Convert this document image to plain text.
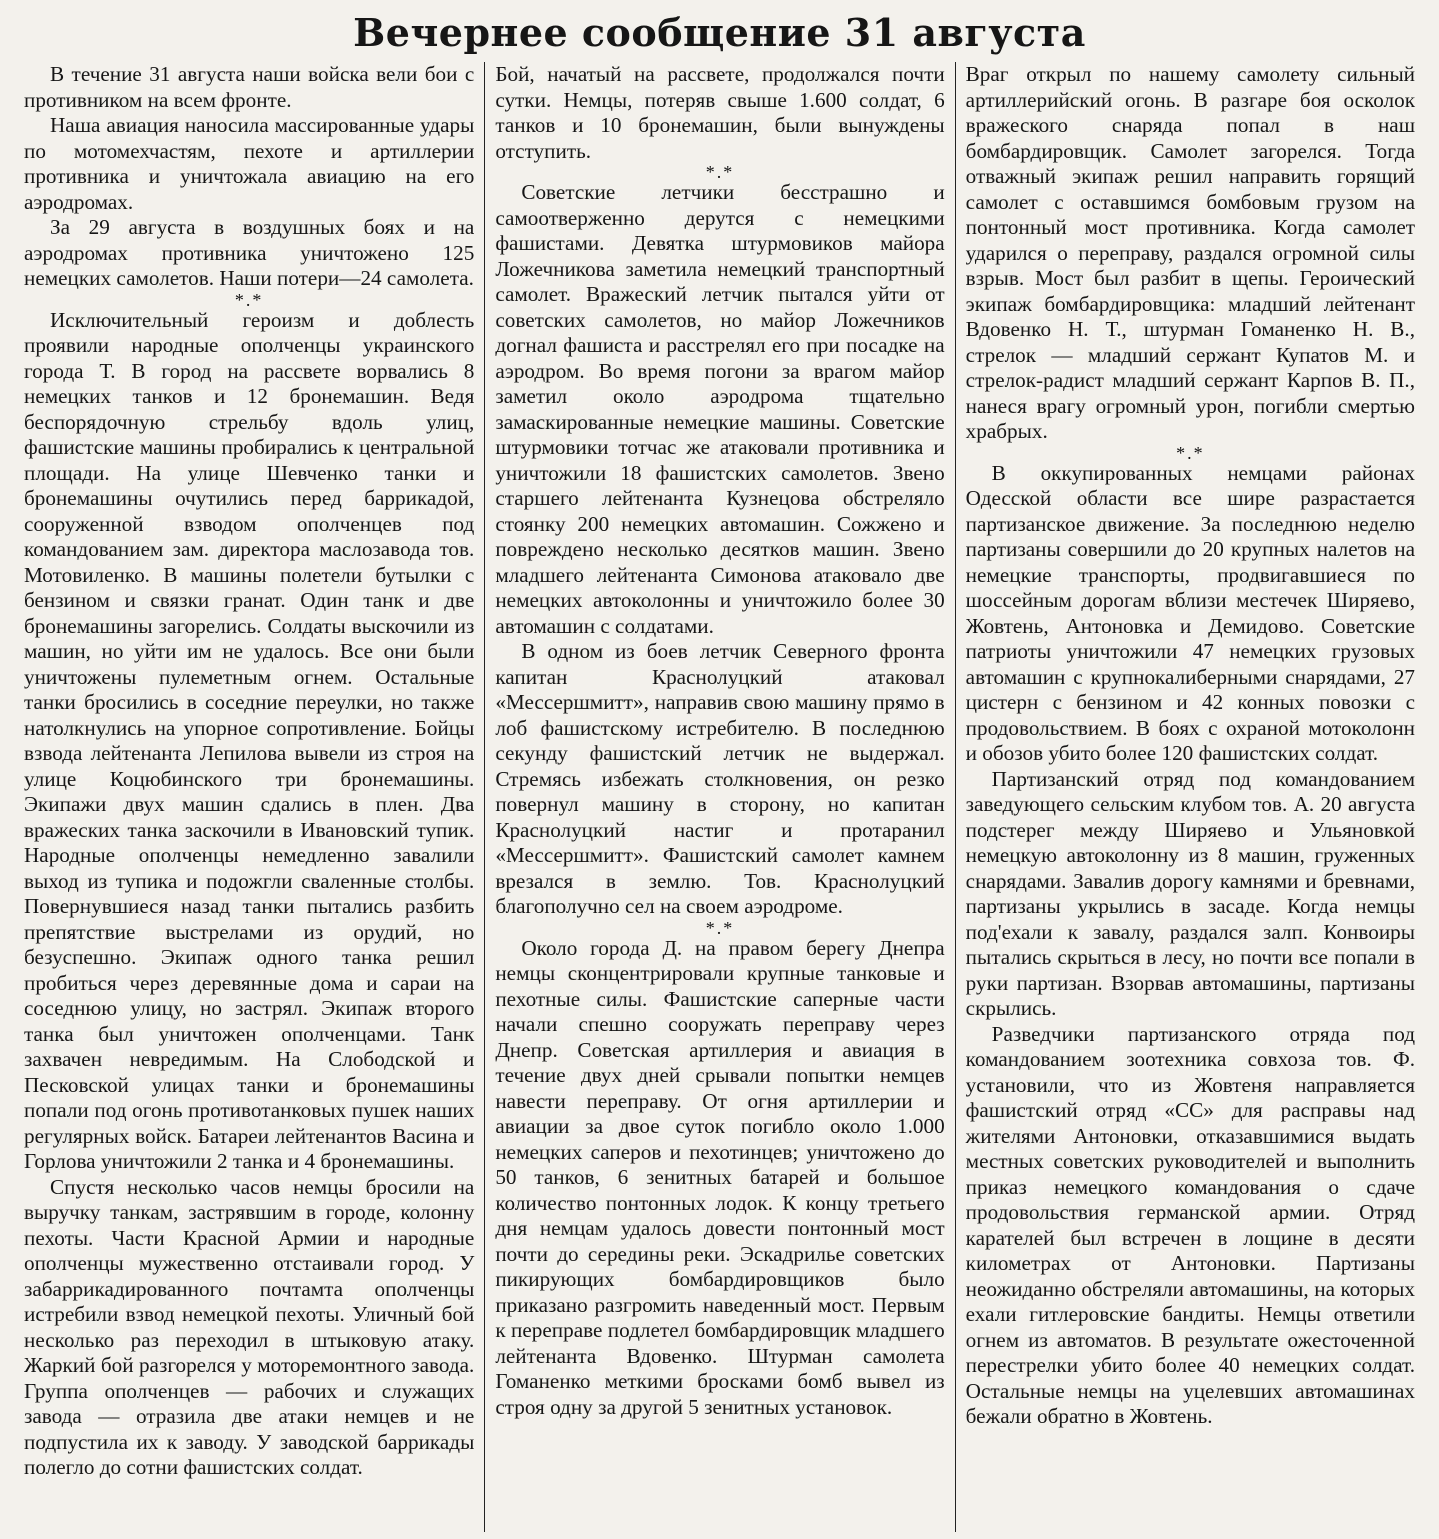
Вечернее сообщение 31 августа

В течение 31 августа наши войска вели бои с противником на всем фронте.

Наша авиация наносила массированные удары по мотомехчастям, пехоте и артиллерии противника и уничтожала авиацию на его аэродромах.

За 29 августа в воздушных боях и на аэродромах противника уничтожено 125 немецких самолетов. Наши потери—24 самолета.

*.*

Исключительный героизм и доблесть проявили народные ополченцы украинского города Т. В город на рассвете ворвались 8 немецких танков и 12 бронемашин. Ведя беспорядочную стрельбу вдоль улиц, фашистские машины пробирались к центральной площади. На улице Шевченко танки и бронемашины очутились перед баррикадой, сооруженной взводом ополченцев под командованием зам. директора маслозавода тов. Мотовиленко. В машины полетели бутылки с бензином и связки гранат. Один танк и две бронемашины загорелись. Солдаты выскочили из машин, но уйти им не удалось. Все они были уничтожены пулеметным огнем. Остальные танки бросились в соседние переулки, но также натолкнулись на упорное сопротивление. Бойцы взвода лейтенанта Лепилова вывели из строя на улице Коцюбинского три бронемашины. Экипажи двух машин сдались в плен. Два вражеских танка заскочили в Ивановский тупик. Народные ополченцы немедленно завалили выход из тупика и подожгли сваленные столбы. Повернувшиеся назад танки пытались разбить препятствие выстрелами из орудий, но безуспешно. Экипаж одного танка решил пробиться через деревянные дома и сараи на соседнюю улицу, но застрял. Экипаж второго танка был уничтожен ополченцами. Танк захвачен невредимым. На Слободской и Песковской улицах танки и бронемашины попали под огонь противотанковых пушек наших регулярных войск. Батареи лейтенантов Васина и Горлова уничтожили 2 танка и 4 бронемашины.

Спустя несколько часов немцы бросили на выручку танкам, застрявшим в городе, колонну пехоты. Части Красной Армии и народные ополченцы мужественно отстаивали город. У забаррикадированного почтамта ополченцы истребили взвод немецкой пехоты. Уличный бой несколько раз переходил в штыковую атаку. Жаркий бой разгорелся у моторемонтного завода. Группа ополченцев — рабочих и служащих завода — отразила две атаки немцев и не подпустила их к заводу. У заводской баррикады полегло до сотни фашистских солдат.

Бой, начатый на рассвете, продолжался почти сутки. Немцы, потеряв свыше 1.600 солдат, 6 танков и 10 бронемашин, были вынуждены отступить.

*.*

Советские летчики бесстрашно и самоотверженно дерутся с немецкими фашистами. Девятка штурмовиков майора Ложечникова заметила немецкий транспортный самолет. Вражеский летчик пытался уйти от советских самолетов, но майор Ложечников догнал фашиста и расстрелял его при посадке на аэродром. Во время погони за врагом майор заметил около аэродрома тщательно замаскированные немецкие машины. Советские штурмовики тотчас же атаковали противника и уничтожили 18 фашистских самолетов. Звено старшего лейтенанта Кузнецова обстреляло стоянку 200 немецких автомашин. Сожжено и повреждено несколько десятков машин. Звено младшего лейтенанта Симонова атаковало две немецких автоколонны и уничтожило более 30 автомашин с солдатами.

В одном из боев летчик Северного фронта капитан Краснолуцкий атаковал «Мессершмитт», направив свою машину прямо в лоб фашистскому истребителю. В последнюю секунду фашистский летчик не выдержал. Стремясь избежать столкновения, он резко повернул машину в сторону, но капитан Краснолуцкий настиг и протаранил «Мессершмитт». Фашистский самолет камнем врезался в землю. Тов. Краснолуцкий благополучно сел на своем аэродроме.

*.*

Около города Д. на правом берегу Днепра немцы сконцентрировали крупные танковые и пехотные силы. Фашистские саперные части начали спешно сооружать переправу через Днепр. Советская артиллерия и авиация в течение двух дней срывали попытки немцев навести переправу. От огня артиллерии и авиации за двое суток погибло около 1.000 немецких саперов и пехотинцев; уничтожено до 50 танков, 6 зенитных батарей и большое количество понтонных лодок. К концу третьего дня немцам удалось довести понтонный мост почти до середины реки. Эскадрилье советских пикирующих бомбардировщиков было приказано разгромить наведенный мост. Первым к переправе подлетел бомбардировщик младшего лейтенанта Вдовенко. Штурман самолета Гоманенко меткими бросками бомб вывел из строя одну за другой 5 зенитных установок.

Враг открыл по нашему самолету сильный артиллерийский огонь. В разгаре боя осколок вражеского снаряда попал в наш бомбардировщик. Самолет загорелся. Тогда отважный экипаж решил направить горящий самолет с оставшимся бомбовым грузом на понтонный мост противника. Когда самолет ударился о переправу, раздался огромной силы взрыв. Мост был разбит в щепы. Героический экипаж бомбардировщика: младший лейтенант Вдовенко Н. Т., штурман Гоманенко Н. В., стрелок — младший сержант Купатов М. и стрелок-радист младший сержант Карпов В. П., нанеся врагу огромный урон, погибли смертью храбрых.

*.*

В оккупированных немцами районах Одесской области все шире разрастается партизанское движение. За последнюю неделю партизаны совершили до 20 крупных налетов на немецкие транспорты, продвигавшиеся по шоссейным дорогам вблизи местечек Ширяево, Жовтень, Антоновка и Демидово. Советские патриоты уничтожили 47 немецких грузовых автомашин с крупнокалиберными снарядами, 27 цистерн с бензином и 42 конных повозки с продовольствием. В боях с охраной мотоколонн и обозов убито более 120 фашистских солдат.

Партизанский отряд под командованием заведующего сельским клубом тов. А. 20 августа подстерег между Ширяево и Ульяновкой немецкую автоколонну из 8 машин, груженных снарядами. Завалив дорогу камнями и бревнами, партизаны укрылись в засаде. Когда немцы под'ехали к завалу, раздался залп. Конвоиры пытались скрыться в лесу, но почти все попали в руки партизан. Взорвав автомашины, партизаны скрылись.

Разведчики партизанского отряда под командованием зоотехника совхоза тов. Ф. установили, что из Жовтеня направляется фашистский отряд «СС» для расправы над жителями Антоновки, отказавшимися выдать местных советских руководителей и выполнить приказ немецкого командования о сдаче продовольствия германской армии. Отряд карателей был встречен в лощине в десяти километрах от Антоновки. Партизаны неожиданно обстреляли автомашины, на которых ехали гитлеровские бандиты. Немцы ответили огнем из автоматов. В результате ожесточенной перестрелки убито более 40 немецких солдат. Остальные немцы на уцелевших автомашинах бежали обратно в Жовтень.
